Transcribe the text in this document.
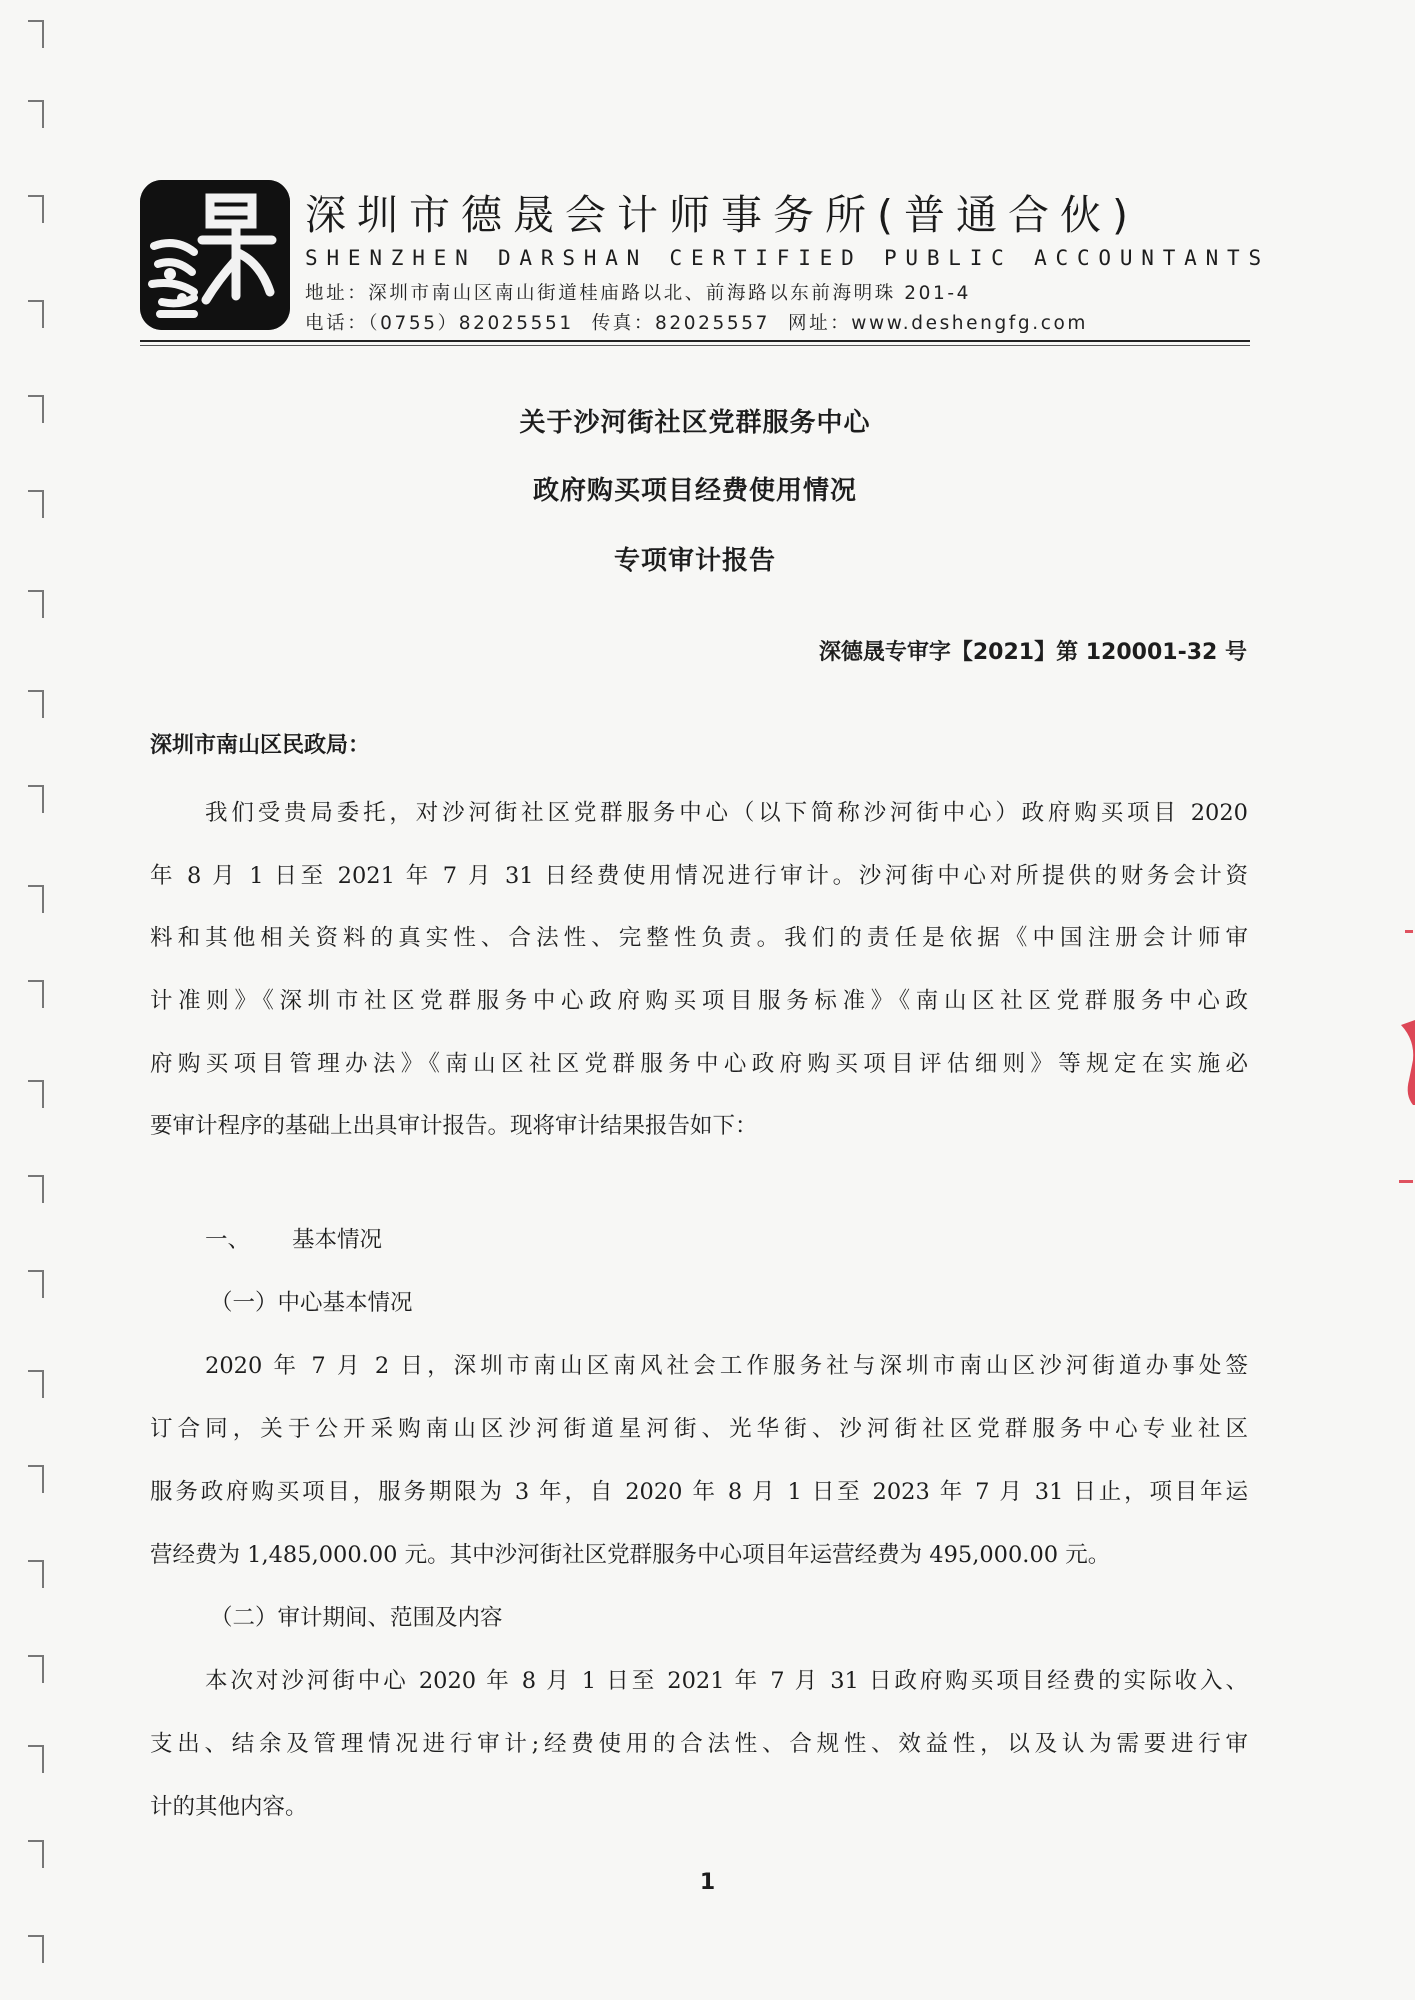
深圳市德晟会计师事务所(普通合伙)
SHENZHEN DARSHAN CERTIFIED PUBLIC ACCOUNTANTS
地址：深圳市南山区南山街道桂庙路以北、前海路以东前海明珠 201-4
电话：（0755）82025551 传真：82025557 网址：www.deshengfg.com
关于沙河街社区党群服务中心
政府购买项目经费使用情况
专项审计报告
深德晟专审字【2021】第 120001-32 号
深圳市南山区民政局：
我们受贵局委托，对沙河街社区党群服务中心（以下简称沙河街中心）政府购买项目 2020
年 8 月 1 日至 2021 年 7 月 31 日经费使用情况进行审计。沙河街中心对所提供的财务会计资
料和其他相关资料的真实性、合法性、完整性负责。我们的责任是依据《中国注册会计师审
计准则》《深圳市社区党群服务中心政府购买项目服务标准》《南山区社区党群服务中心政
府购买项目管理办法》《南山区社区党群服务中心政府购买项目评估细则》等规定在实施必
要审计程序的基础上出具审计报告。现将审计结果报告如下：
一、 基本情况
（一）中心基本情况
2020 年 7 月 2 日，深圳市南山区南风社会工作服务社与深圳市南山区沙河街道办事处签
订合同，关于公开采购南山区沙河街道星河街、光华街、沙河街社区党群服务中心专业社区
服务政府购买项目，服务期限为 3 年，自 2020 年 8 月 1 日至 2023 年 7 月 31 日止，项目年运
营经费为 1,485,000.00 元。其中沙河街社区党群服务中心项目年运营经费为 495,000.00 元。
（二）审计期间、范围及内容
本次对沙河街中心 2020 年 8 月 1 日至 2021 年 7 月 31 日政府购买项目经费的实际收入、
支出、结余及管理情况进行审计;经费使用的合法性、合规性、效益性，以及认为需要进行审
计的其他内容。
1
